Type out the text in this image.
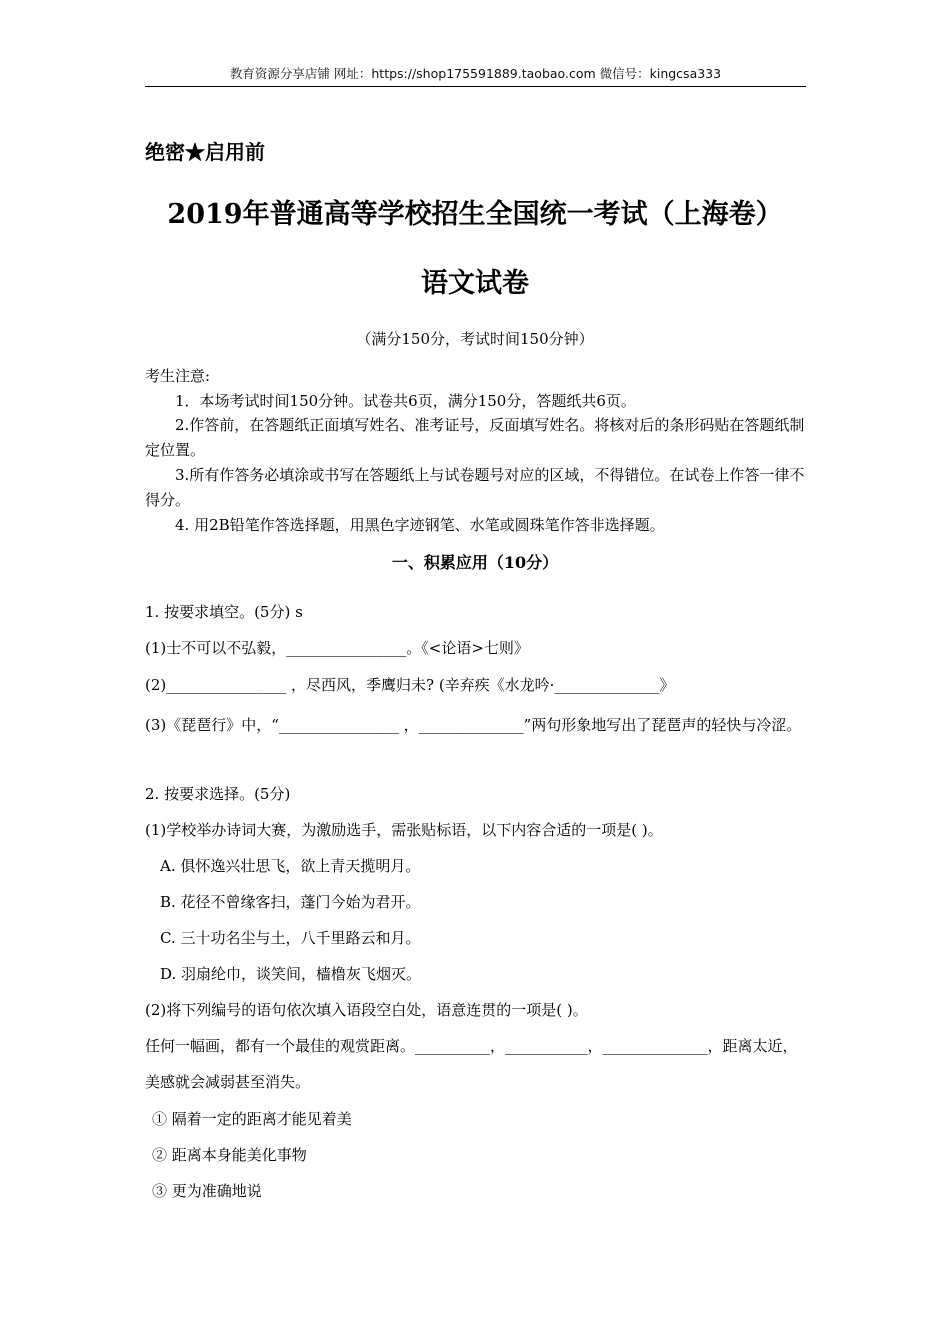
教育资源分享店铺 网址：https://shop175591889.taobao.com 微信号：kingcsa333
绝密★启用前
2019年普通高等学校招生全国统一考试（上海卷）
语文试卷
（满分150分，考试时间150分钟）
考生注意:
1．本场考试时间150分钟。试卷共6页，满分150分，答题纸共6页。
2.作答前，在答题纸正面填写姓名、准考证号，反面填写姓名。将核对后的条形码贴在答题纸制定位置。
3.所有作答务必填涂或书写在答题纸上与试卷题号对应的区域，不得错位。在试卷上作答一律不得分。
4. 用2B铅笔作答选择题，用黑色字迹钢笔、水笔或圆珠笔作答非选择题。
一、积累应用（10分）
1. 按要求填空。(5分) s
(1)士不可以不弘毅，________________。《<论语>七则》
(2)________________ ，尽西风，季鹰归未? (辛弃疾《水龙吟·______________》
(3)《琵琶行》中，“________________ ，______________”两句形象地写出了琵琶声的轻快与冷涩。
2. 按要求选择。(5分)
(1)学校举办诗词大赛，为激励选手，需张贴标语，以下内容合适的一项是( )。
A. 俱怀逸兴壮思飞，欲上青天揽明月。
B. 花径不曾缘客扫，蓬门今始为君开。
C. 三十功名尘与土，八千里路云和月。
D. 羽扇纶巾，谈笑间，樯橹灰飞烟灭。
(2)将下列编号的语句依次填入语段空白处，语意连贯的一项是( )。
任何一幅画，都有一个最佳的观赏距离。__________，___________，______________，距离太近，美感就会减弱甚至消失。
① 隔着一定的距离才能见着美
② 距离本身能美化事物
③ 更为准确地说
